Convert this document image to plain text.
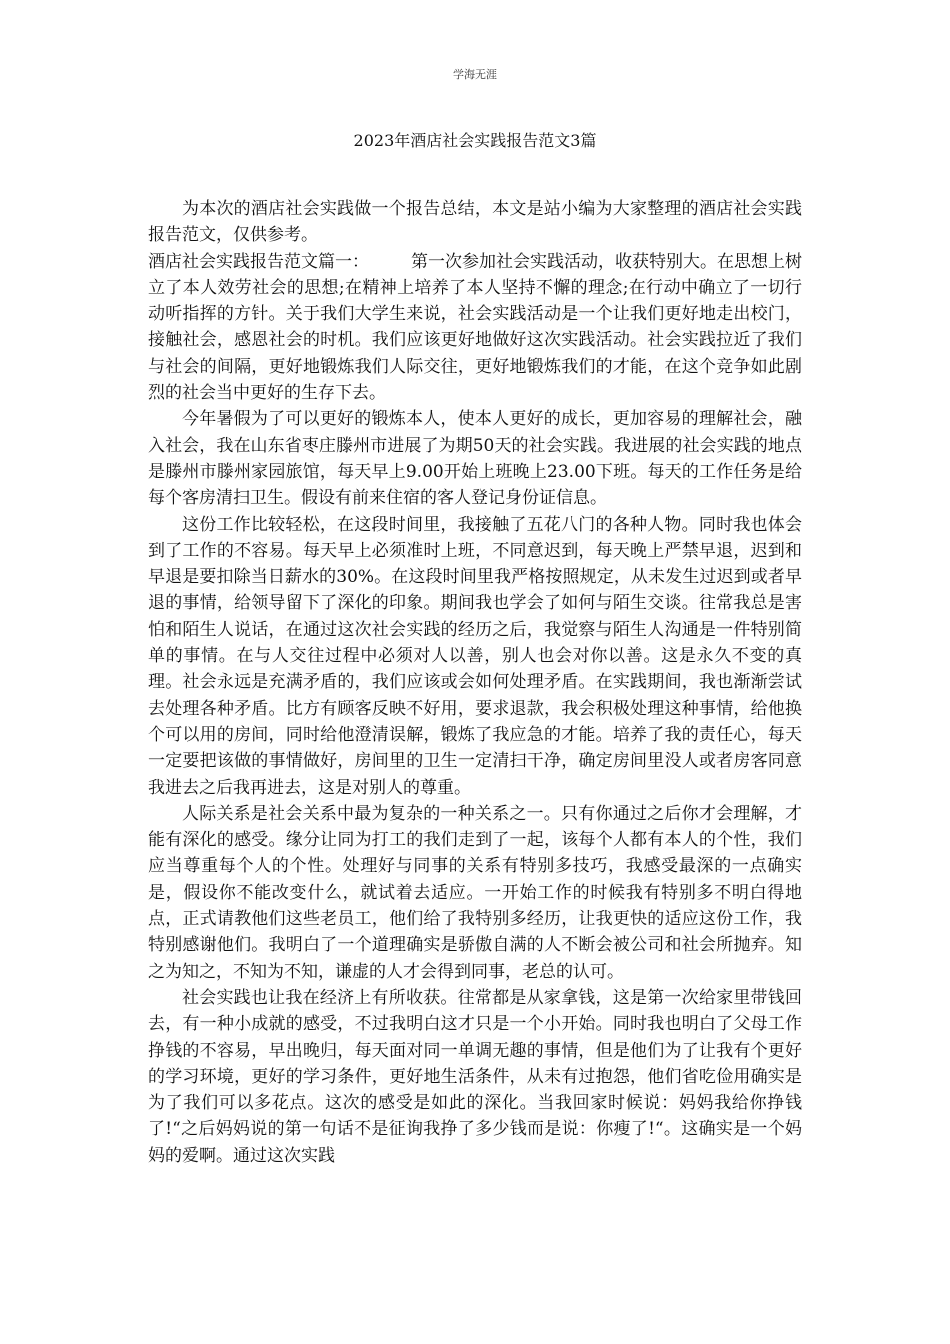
学海无涯
2023年酒店社会实践报告范文3篇

为本次的酒店社会实践做一个报告总结，本文是站小编为大家整理的酒店社会实践报告范文，仅供参考。

酒店社会实践报告范文篇一： 第一次参加社会实践活动，收获特别大。在思想上树立了本人效劳社会的思想;在精神上培养了本人坚持不懈的理念;在行动中确立了一切行动听指挥的方针。关于我们大学生来说，社会实践活动是一个让我们更好地走出校门，接触社会，感恩社会的时机。我们应该更好地做好这次实践活动。社会实践拉近了我们与社会的间隔，更好地锻炼我们人际交往，更好地锻炼我们的才能，在这个竞争如此剧烈的社会当中更好的生存下去。

今年暑假为了可以更好的锻炼本人，使本人更好的成长，更加容易的理解社会，融入社会，我在山东省枣庄滕州市进展了为期50天的社会实践。我进展的社会实践的地点是滕州市滕州家园旅馆，每天早上9.00开始上班晚上23.00下班。每天的工作任务是给每个客房清扫卫生。假设有前来住宿的客人登记身份证信息。

这份工作比较轻松，在这段时间里，我接触了五花八门的各种人物。同时我也体会到了工作的不容易。每天早上必须准时上班，不同意迟到，每天晚上严禁早退，迟到和早退是要扣除当日薪水的30%。在这段时间里我严格按照规定，从未发生过迟到或者早退的事情，给领导留下了深化的印象。期间我也学会了如何与陌生交谈。往常我总是害怕和陌生人说话，在通过这次社会实践的经历之后，我觉察与陌生人沟通是一件特别简单的事情。在与人交往过程中必须对人以善，别人也会对你以善。这是永久不变的真理。社会永远是充满矛盾的，我们应该或会如何处理矛盾。在实践期间，我也渐渐尝试去处理各种矛盾。比方有顾客反映不好用，要求退款，我会积极处理这种事情，给他换个可以用的房间，同时给他澄清误解，锻炼了我应急的才能。培养了我的责任心，每天一定要把该做的事情做好，房间里的卫生一定清扫干净，确定房间里没人或者房客同意我进去之后我再进去，这是对别人的尊重。

人际关系是社会关系中最为复杂的一种关系之一。只有你通过之后你才会理解，才能有深化的感受。缘分让同为打工的我们走到了一起，该每个人都有本人的个性，我们应当尊重每个人的个性。处理好与同事的关系有特别多技巧，我感受最深的一点确实是，假设你不能改变什么，就试着去适应。一开始工作的时候我有特别多不明白得地点，正式请教他们这些老员工，他们给了我特别多经历，让我更快的适应这份工作，我特别感谢他们。我明白了一个道理确实是骄傲自满的人不断会被公司和社会所抛弃。知之为知之，不知为不知，谦虚的人才会得到同事，老总的认可。

社会实践也让我在经济上有所收获。往常都是从家拿钱，这是第一次给家里带钱回去，有一种小成就的感受，不过我明白这才只是一个小开始。同时我也明白了父母工作挣钱的不容易，早出晚归，每天面对同一单调无趣的事情，但是他们为了让我有个更好的学习环境，更好的学习条件，更好地生活条件，从未有过抱怨，他们省吃俭用确实是为了我们可以多花点。这次的感受是如此的深化。当我回家时候说：妈妈我给你挣钱了!“之后妈妈说的第一句话不是征询我挣了多少钱而是说：你瘦了!“。这确实是一个妈妈的爱啊。通过这次实践
